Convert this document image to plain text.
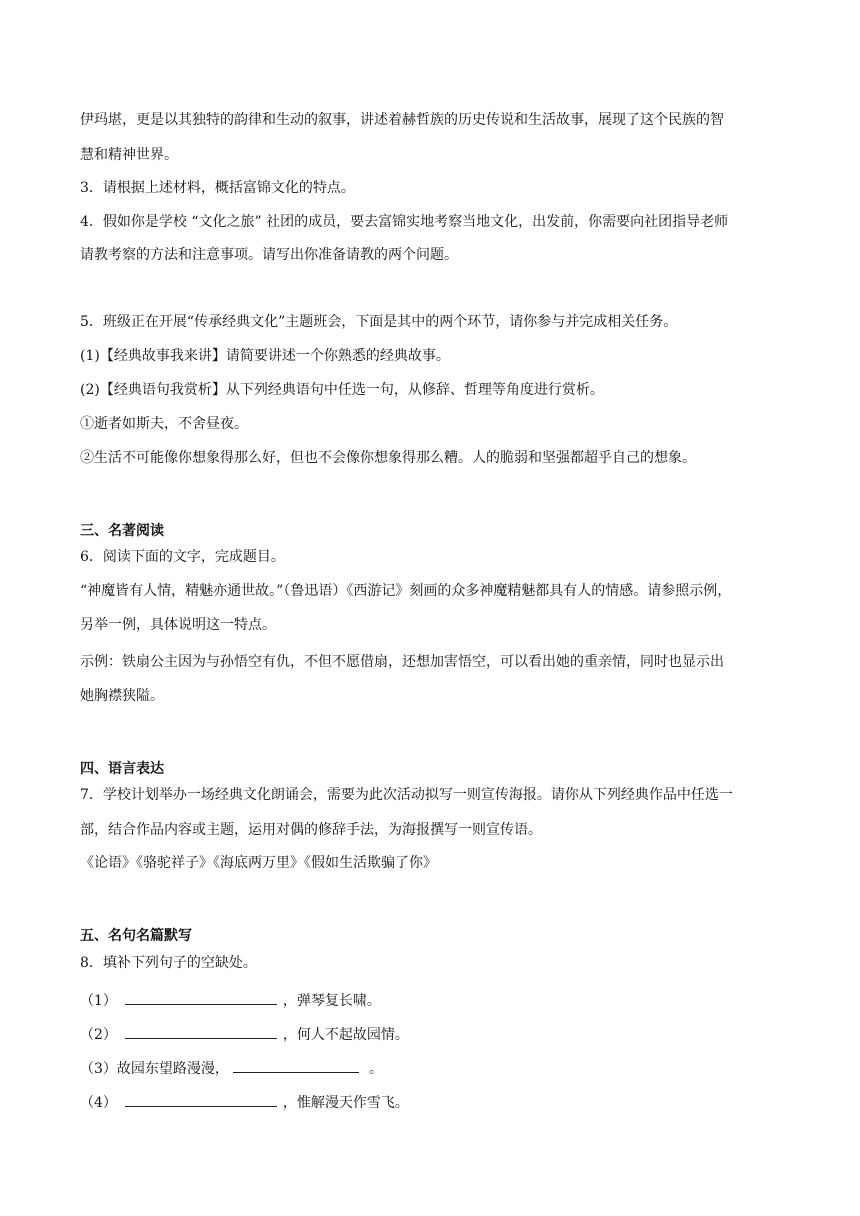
伊玛堪，更是以其独特的韵律和生动的叙事，讲述着赫哲族的历史传说和生活故事，展现了这个民族的智
慧和精神世界。
3．请根据上述材料，概括富锦文化的特点。
4．假如你是学校 “文化之旅” 社团的成员，要去富锦实地考察当地文化，出发前，你需要向社团指导老师
请教考察的方法和注意事项。请写出你准备请教的两个问题。
5．班级正在开展“传承经典文化”主题班会，下面是其中的两个环节，请你参与并完成相关任务。
(1)【经典故事我来讲】请简要讲述一个你熟悉的经典故事。
(2)【经典语句我赏析】从下列经典语句中任选一句，从修辞、哲理等角度进行赏析。
①逝者如斯夫，不舍昼夜。
②生活不可能像你想象得那么好，但也不会像你想象得那么糟。人的脆弱和坚强都超乎自己的想象。
三、名著阅读
6．阅读下面的文字，完成题目。
“神魔皆有人情，精魅亦通世故。”（鲁迅语）《西游记》刻画的众多神魔精魅都具有人的情感。请参照示例，
另举一例，具体说明这一特点。
示例：铁扇公主因为与孙悟空有仇，不但不愿借扇，还想加害悟空，可以看出她的重亲情，同时也显示出
她胸襟狭隘。
四、语言表达
7．学校计划举办一场经典文化朗诵会，需要为此次活动拟写一则宣传海报。请你从下列经典作品中任选一
部，结合作品内容或主题，运用对偶的修辞手法，为海报撰写一则宣传语。
《论语》《骆驼祥子》《海底两万里》《假如生活欺骗了你》
五、名句名篇默写
8．填补下列句子的空缺处。
（1）	，弹琴复长啸。
（2）	，何人不起故园情。
（3）故园东望路漫漫，	。
（4）	，惟解漫天作雪飞。
